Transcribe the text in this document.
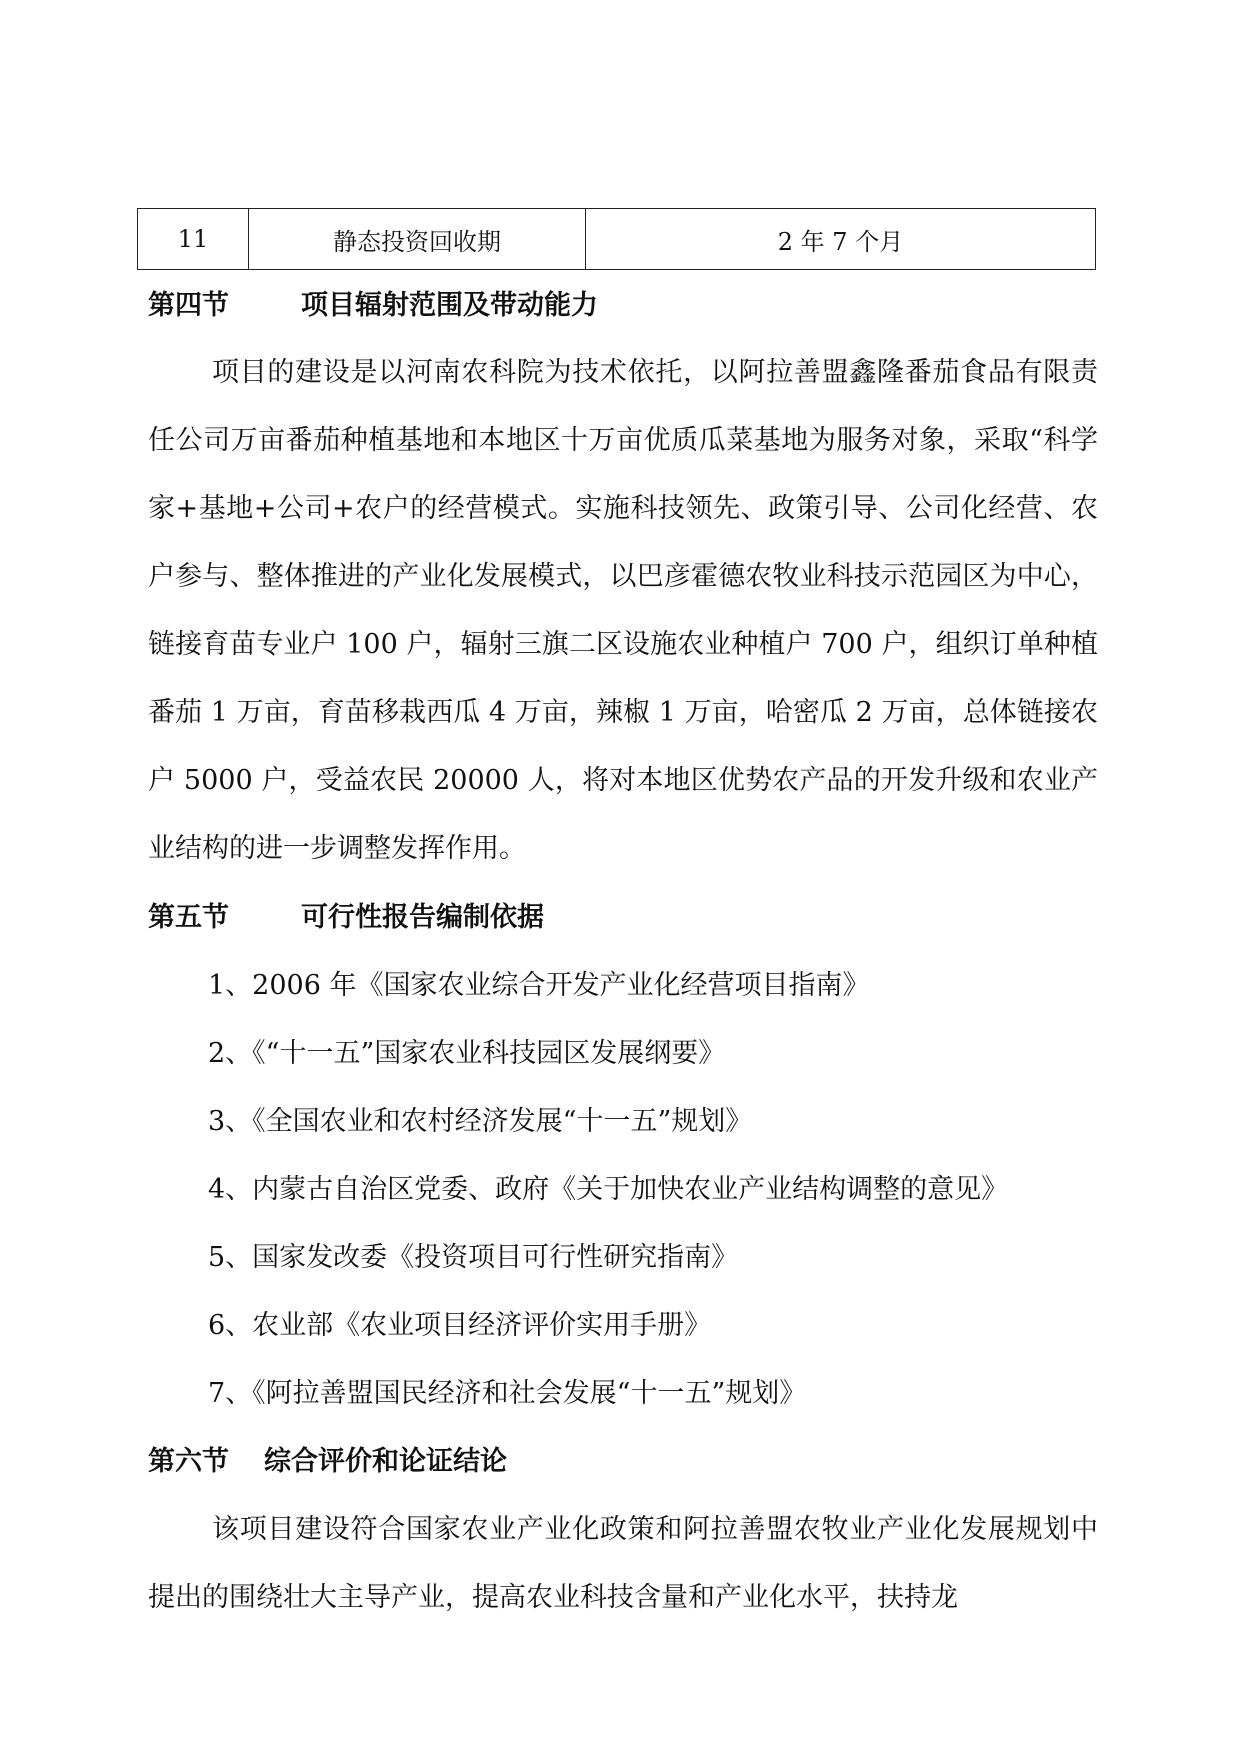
11	静态投资回收期	2 年 7 个月
第四节	项目辐射范围及带动能力

项目的建设是以河南农科院为技术依托，以阿拉善盟鑫隆番茄食品有限责任公司万亩番茄种植基地和本地区十万亩优质瓜菜基地为服务对象，采取“科学家+基地+公司+农户的经营模式。实施科技领先、政策引导、公司化经营、农户参与、整体推进的产业化发展模式，以巴彦霍德农牧业科技示范园区为中心，链接育苗专业户 100 户，辐射三旗二区设施农业种植户 700 户，组织订单种植番茄 1 万亩，育苗移栽西瓜 4 万亩，辣椒 1 万亩，哈密瓜 2 万亩，总体链接农户 5000 户，受益农民 20000 人，将对本地区优势农产品的开发升级和农业产业结构的进一步调整发挥作用。

第五节	可行性报告编制依据
1、2006 年《国家农业综合开发产业化经营项目指南》
2、《“十一五”国家农业科技园区发展纲要》
3、《全国农业和农村经济发展“十一五”规划》
4、内蒙古自治区党委、政府《关于加快农业产业结构调整的意见》
5、国家发改委《投资项目可行性研究指南》
6、农业部《农业项目经济评价实用手册》
7、《阿拉善盟国民经济和社会发展“十一五”规划》
第六节 综合评价和论证结论

该项目建设符合国家农业产业化政策和阿拉善盟农牧业产业化发展规划中提出的围绕壮大主导产业，提高农业科技含量和产业化水平，扶持龙
